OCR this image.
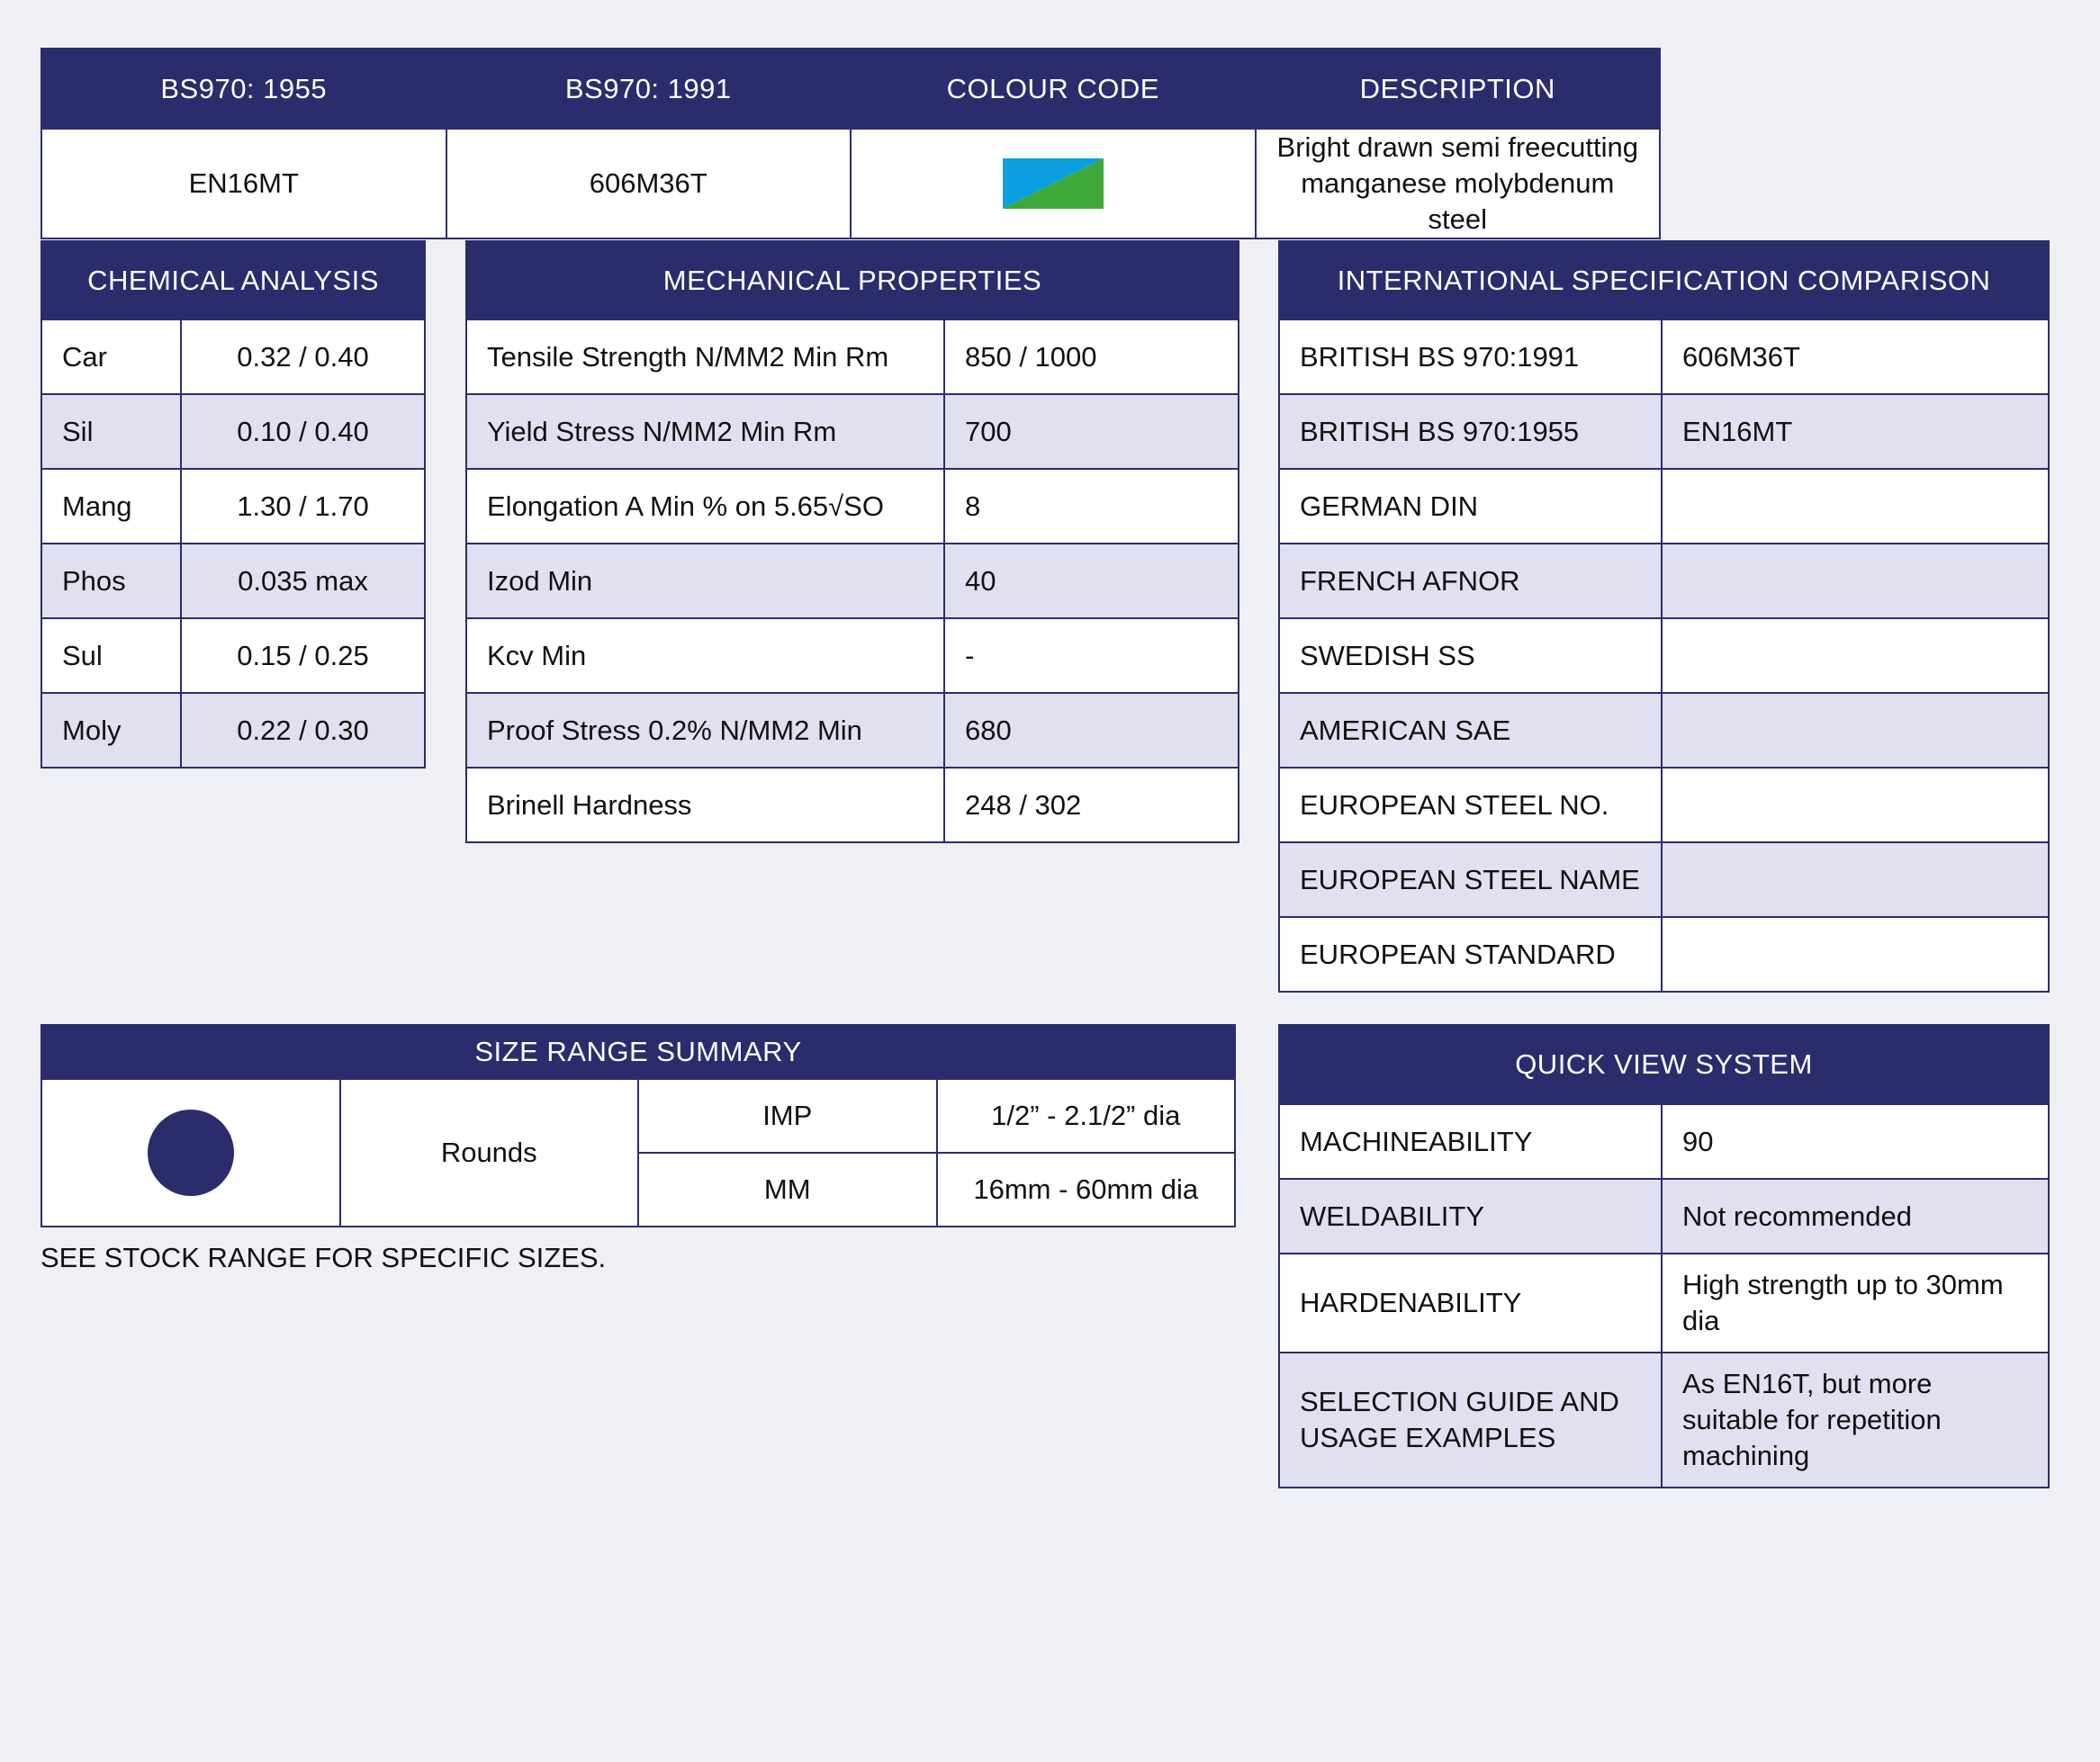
BS970: 1955	BS970: 1991	COLOUR CODE	DESCRIPTION
EN16MT	606M36T		Bright drawn semi freecutting manganese molybdenum steel
CHEMICAL ANALYSIS	
Car	0.32 / 0.40
Sil	0.10 / 0.40
Mang	1.30 / 1.70
Phos	0.035 max
Sul	0.15 / 0.25
Moly	0.22 / 0.30
MECHANICAL PROPERTIES	
Tensile Strength N/MM2 Min Rm	850 / 1000
Yield Stress N/MM2 Min Rm	700
Elongation A Min % on 5.65√SO	8
Izod Min	40
Kcv Min	-
Proof Stress 0.2% N/MM2 Min	680
Brinell Hardness	248 / 302
INTERNATIONAL SPECIFICATION COMPARISON	
BRITISH BS 970:1991	606M36T
BRITISH BS 970:1955	EN16MT
GERMAN DIN	
FRENCH AFNOR	
SWEDISH SS	
AMERICAN SAE	
EUROPEAN STEEL NO.	
EUROPEAN STEEL NAME	
EUROPEAN STANDARD	
SIZE RANGE SUMMARY			

	Rounds	IMP	1/2” - 2.1/2” dia
		MM	16mm - 60mm dia
SEE STOCK RANGE FOR SPECIFIC SIZES.
QUICK VIEW SYSTEM	
MACHINEABILITY	90
WELDABILITY	Not recommended
HARDENABILITY	High strength up to 30mm dia
SELECTION GUIDE AND USAGE EXAMPLES	As EN16T, but more suitable for repetition machining
